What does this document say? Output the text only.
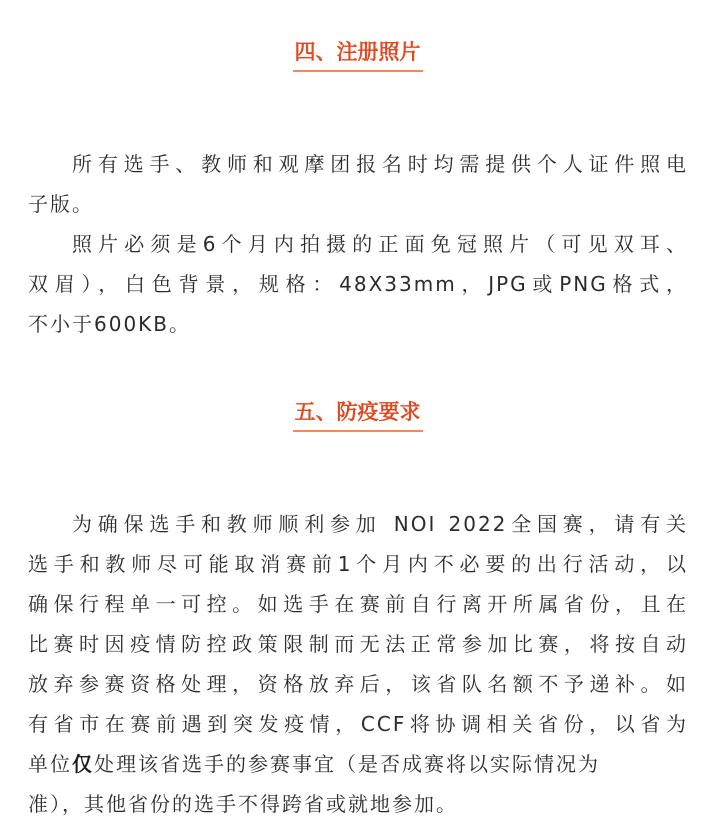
四、注册照片
所有选手、教师和观摩团报名时均需提供个人证件照电
子版。
照片必须是6个月内拍摄的正面免冠照片（可见双耳、
双眉），白色背景，规格：48X33mm，JPG或PNG格式，
不小于600KB。
五、防疫要求
为确保选手和教师顺利参加 NOI 2022全国赛，请有关
选手和教师尽可能取消赛前1个月内不必要的出行活动，以
确保行程单一可控。如选手在赛前自行离开所属省份，且在
比赛时因疫情防控政策限制而无法正常参加比赛，将按自动
放弃参赛资格处理，资格放弃后，该省队名额不予递补。如
有省市在赛前遇到突发疫情，CCF将协调相关省份，以省为
单位仅处理该省选手的参赛事宜（是否成赛将以实际情况为
准），其他省份的选手不得跨省或就地参加。
